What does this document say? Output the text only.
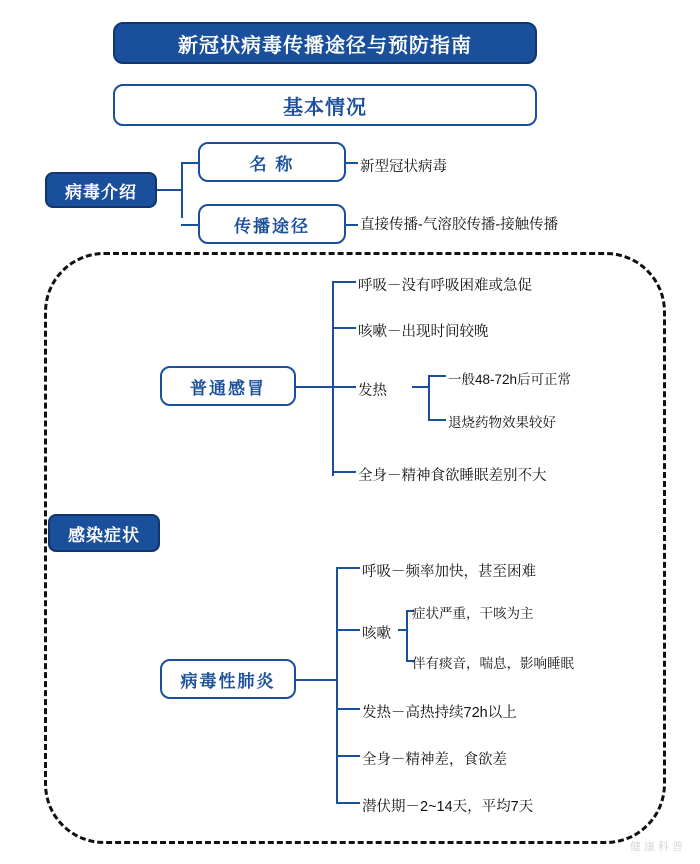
新冠状病毒传播途径与预防指南
基本情况
病毒介绍
名 称
传播途径
新型冠状病毒
直接传播-气溶胶传播-接触传播
感染症状
普通感冒
呼吸－没有呼吸困难或急促
咳嗽－出现时间较晚
发热
一般48-72h后可正常
退烧药物效果较好
全身－精神食欲睡眠差别不大
病毒性肺炎
呼吸－频率加快，甚至困难
咳嗽
症状严重，干咳为主
伴有痰音，喘息，影响睡眠
发热－高热持续72h以上
全身－精神差，食欲差
潜伏期－2~14天，平均7天
健康科普
